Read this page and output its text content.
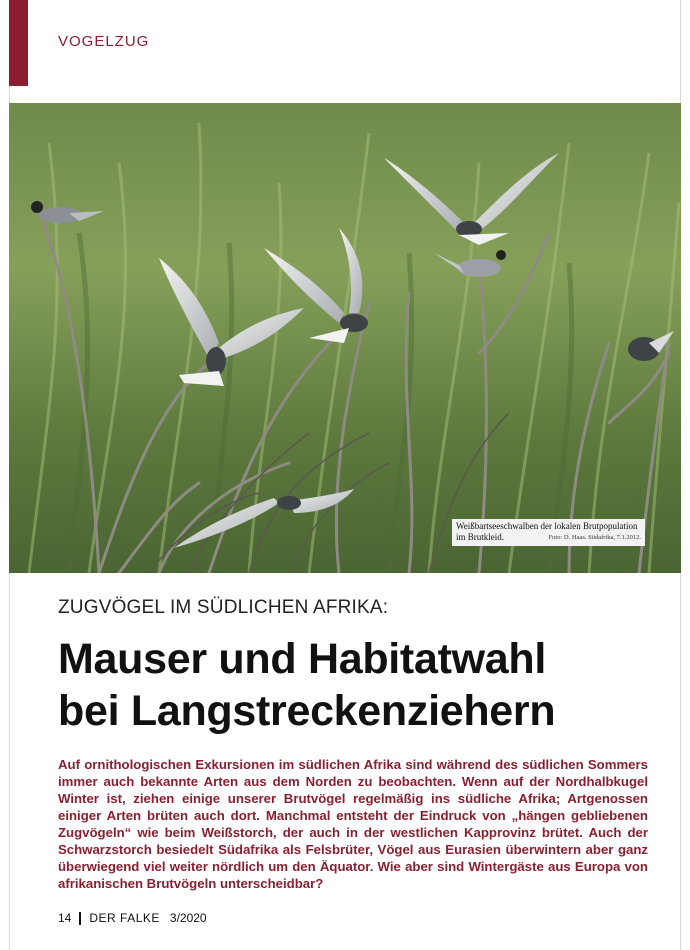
VOGELZUG
Weißbartseeschwalben der lokalen Brutpopulation im Brutkleid.	Foto: D. Haas. Südafrika, 7.1.2012.
ZUGVÖGEL IM SÜDLICHEN AFRIKA:
Mauser und Habitatwahl
bei Langstreckenziehern

Auf ornithologischen Exkursionen im südlichen Afrika sind während des südlichen Sommers immer auch bekannte Arten aus dem Norden zu beobachten. Wenn auf der Nordhalbkugel Winter ist, ziehen einige unserer Brutvögel regelmäßig ins südliche Afrika; Artgenossen einiger Arten brüten auch dort. Manchmal entsteht der Eindruck von „hängen gebliebenen Zugvögeln“ wie beim Weißstorch, der auch in der westlichen Kapprovinz brütet. Auch der Schwarzstorch besiedelt Südafrika als Felsbrüter, Vögel aus Eurasien überwintern aber ganz überwiegend viel weiter nördlich um den Äquator. Wie aber sind Wintergäste aus Europa von afrikanischen Brutvögeln unterscheidbar?

14 DER FALKE 3/2020
